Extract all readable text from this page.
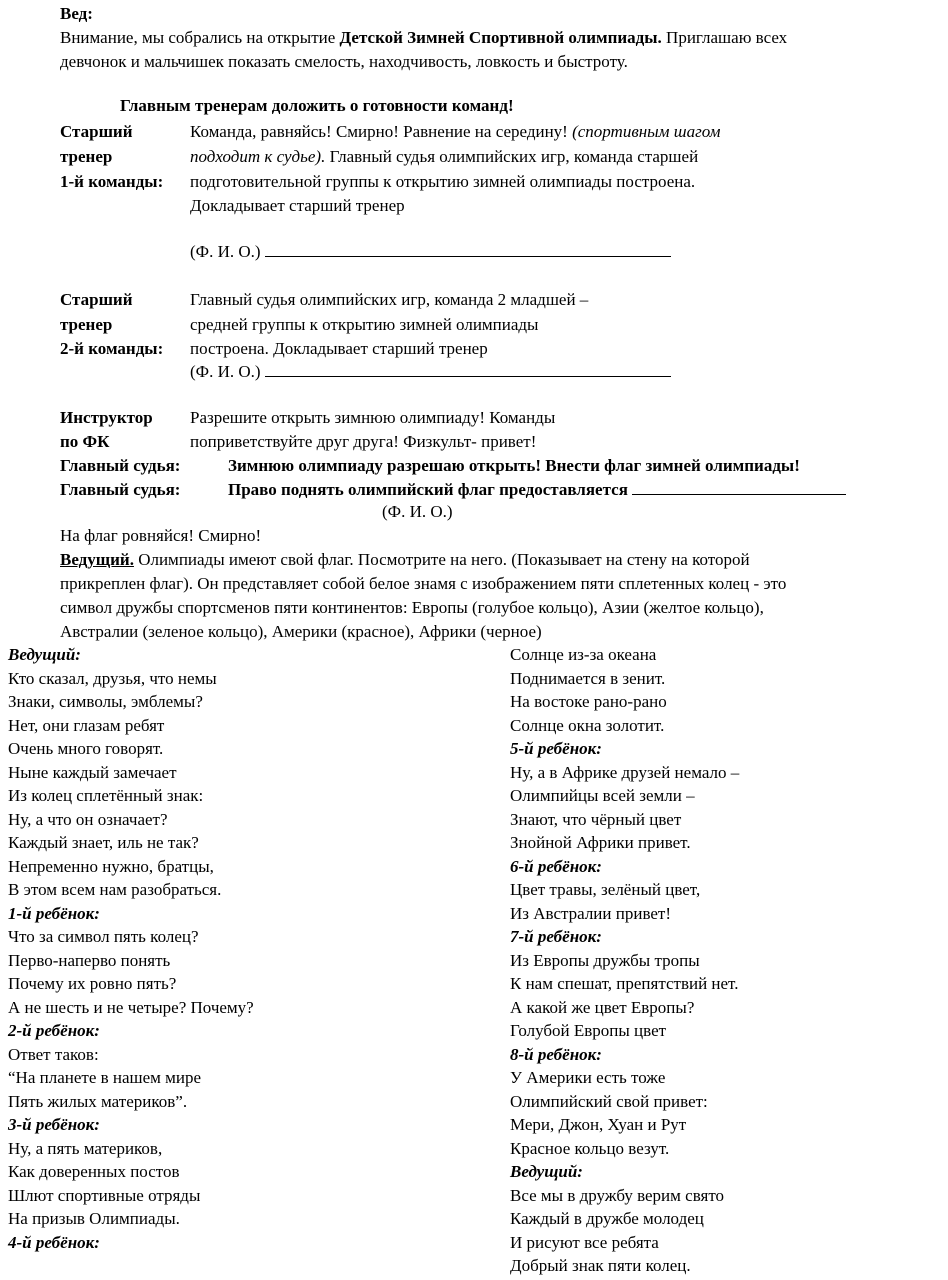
Вед:
Внимание, мы собрались на открытие Детской Зимней Спортивной олимпиады. Приглашаю всех
девчонок и мальчишек показать смелость, находчивость, ловкость и быстроту.
Главным тренерам доложить о готовности команд!
Старший
тренер
1-й команды:
Команда, равняйсь! Смирно! Равнение на середину! (спортивным шагом
подходит к судье). Главный судья олимпийских игр, команда старшей
подготовительной группы к открытию зимней олимпиады построена.
Докладывает старший тренер
(Ф. И. О.)
Старший
тренер
2-й команды:
Главный судья олимпийских игр, команда 2 младшей –
средней группы к открытию зимней олимпиады
построена. Докладывает старший тренер
(Ф. И. О.)
Инструктор
по ФК
Разрешите открыть зимнюю олимпиаду! Команды
поприветствуйте друг друга! Физкульт- привет!
Главный судья:	Зимнюю олимпиаду разрешаю открыть! Внести флаг зимней олимпиады!
Главный судья:	Право поднять олимпийский флаг предоставляется
(Ф. И. О.)
На флаг ровняйся! Смирно!
Ведущий. Олимпиады имеют свой флаг. Посмотрите на него. (Показывает на стену на которой
прикреплен флаг). Он представляет собой белое знамя с изображением пяти сплетенных колец - это
символ дружбы спортсменов пяти континентов: Европы (голубое кольцо), Азии (желтое кольцо),
Австралии (зеленое кольцо), Америки (красное), Африки (черное)
Ведущий:
Кто сказал, друзья, что немы
Знаки, символы, эмблемы?
Нет, они глазам ребят
Очень много говорят.
Ныне каждый замечает
Из колец сплетённый знак:
Ну, а что он означает?
Каждый знает, иль не так?
Непременно нужно, братцы,
В этом всем нам разобраться.
1-й ребёнок:
Что за символ пять колец?
Перво-наперво понять
Почему их ровно пять?
А не шесть и не четыре? Почему?
2-й ребёнок:
Ответ таков:
“На планете в нашем мире
Пять жилых материков”.
3-й ребёнок:
Ну, а пять материков,
Как доверенных постов
Шлют спортивные отряды
На призыв Олимпиады.
4-й ребёнок:
Солнце из-за океана
Поднимается в зенит.
На востоке рано-рано
Солнце окна золотит.
5-й ребёнок:
Ну, а в Африке друзей немало –
Олимпийцы всей земли –
Знают, что чёрный цвет
Знойной Африки привет.
6-й ребёнок:
Цвет травы, зелёный цвет,
Из Австралии привет!
7-й ребёнок:
Из Европы дружбы тропы
К нам спешат, препятствий нет.
А какой же цвет Европы?
Голубой Европы цвет
8-й ребёнок:
У Америки есть тоже
Олимпийский свой привет:
Мери, Джон, Хуан и Рут
Красное кольцо везут.
Ведущий:
Все мы в дружбу верим свято
Каждый в дружбе молодец
И рисуют все ребята
Добрый знак пяти колец.
